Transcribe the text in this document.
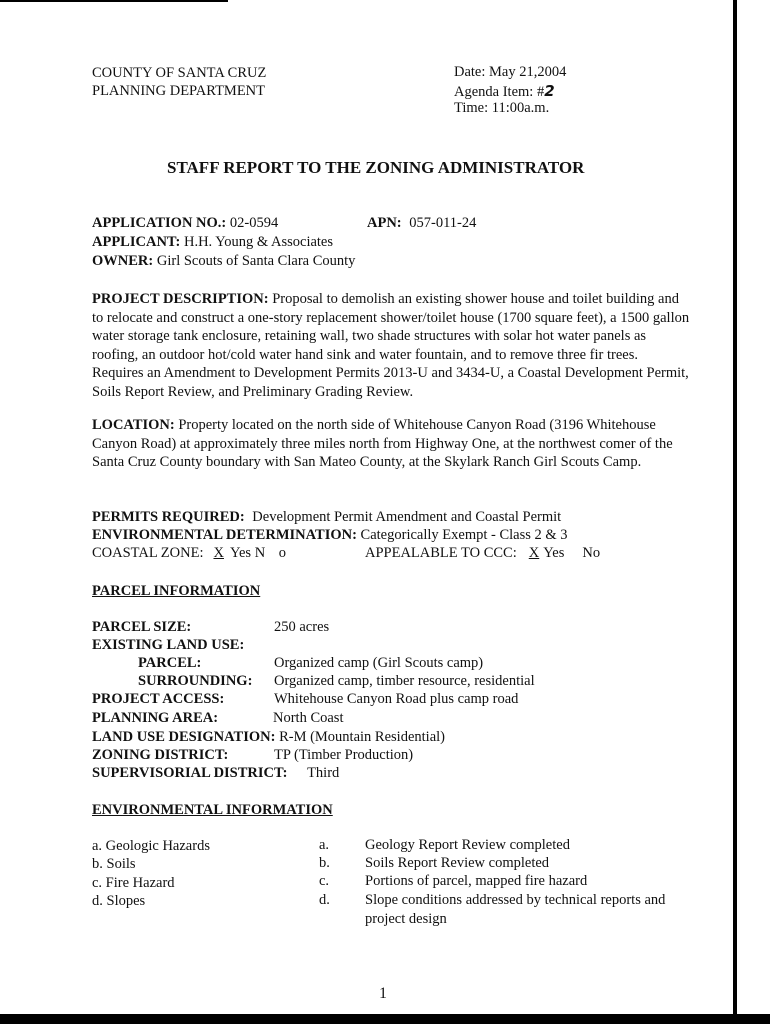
COUNTY OF SANTA CRUZ
PLANNING DEPARTMENT
Date: May 21,2004
Agenda Item: #2
Time: 11:00a.m.
STAFF REPORT TO THE ZONING ADMINISTRATOR
APPLICATION NO.: 02-0594	APN: 057-011-24
APPLICANT: H.H. Young & Associates
OWNER: Girl Scouts of Santa Clara County
PROJECT DESCRIPTION: Proposal to demolish an existing shower house and toilet building and to relocate and construct a one-story replacement shower/toilet house (1700 square feet), a 1500 gallon water storage tank enclosure, retaining wall, two shade structures with solar hot water panels as roofing, an outdoor hot/cold water hand sink and water fountain, and to remove three fir trees. Requires an Amendment to Development Permits 2013-U and 3434-U, a Coastal Development Permit, Soils Report Review, and Preliminary Grading Review.
LOCATION: Property located on the north side of Whitehouse Canyon Road (3196 Whitehouse Canyon Road) at approximately three miles north from Highway One, at the northwest comer of the Santa Cruz County boundary with San Mateo County, at the Skylark Ranch Girl Scouts Camp.
PERMITS REQUIRED: Development Permit Amendment and Coastal Permit
ENVIRONMENTAL DETERMINATION: Categorically Exempt - Class 2 & 3
COASTAL ZONE: X Yes N o	APPEALABLE TO CCC: X Yes No
PARCEL INFORMATION
PARCEL SIZE:	250 acres
EXISTING LAND USE:
PARCEL:	Organized camp (Girl Scouts camp)
SURROUNDING: Organized camp, timber resource, residential
PROJECT ACCESS:	Whitehouse Canyon Road plus camp road
PLANNING AREA:	North Coast
LAND USE DESIGNATION: R-M (Mountain Residential)
ZONING DISTRICT:	TP (Timber Production)
SUPERVISORIAL DISTRICT: Third
ENVIRONMENTAL INFORMATION
a. Geologic Hazards	a. Geology Report Review completed
b. Soils	b. Soils Report Review completed
c. Fire Hazard	c. Portions of parcel, mapped fire hazard
d. Slopes	d. Slope conditions addressed by technical reports and
project design
1
